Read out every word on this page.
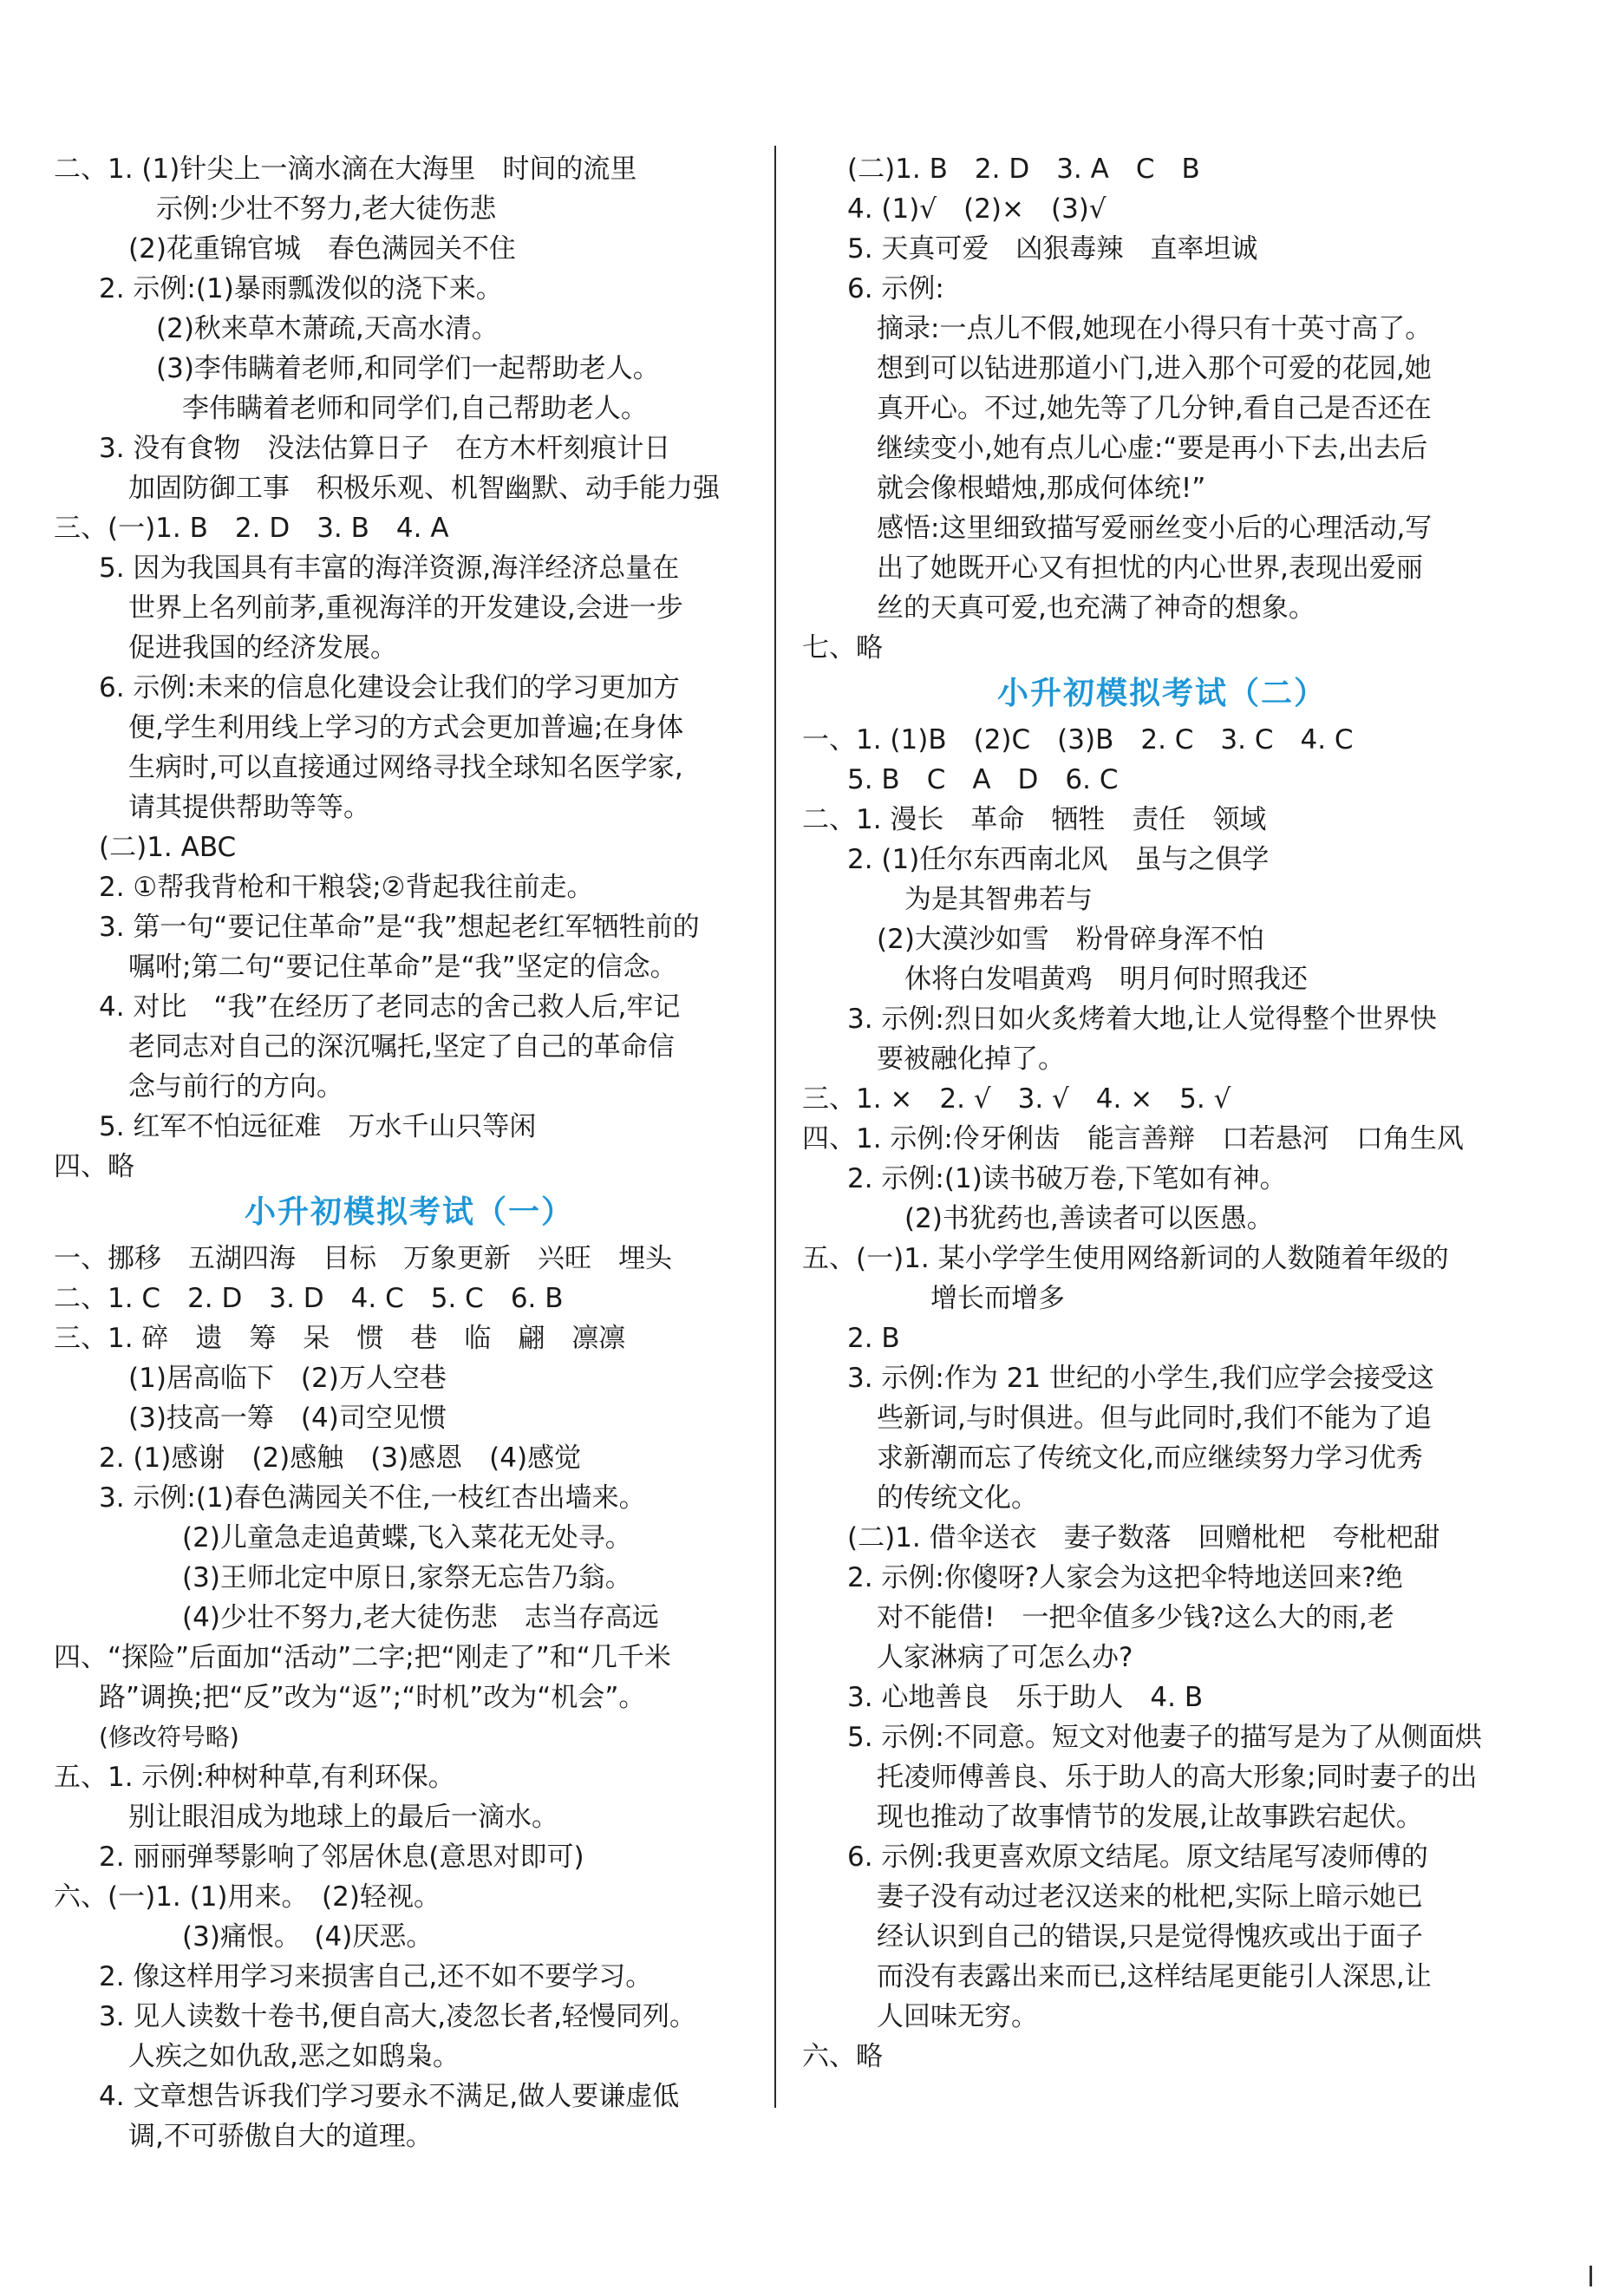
二、1. (1)针尖上一滴水滴在大海里　时间的流里
示例:少壮不努力,老大徒伤悲
(2)花重锦官城　春色满园关不住
2. 示例:(1)暴雨瓢泼似的浇下来。
(2)秋来草木萧疏,天高水清。
(3)李伟瞒着老师,和同学们一起帮助老人。
李伟瞒着老师和同学们,自己帮助老人。
3. 没有食物　没法估算日子　在方木杆刻痕计日
加固防御工事　积极乐观、机智幽默、动手能力强
三、(一)1. B　2. D　3. B　4. A
5. 因为我国具有丰富的海洋资源,海洋经济总量在
世界上名列前茅,重视海洋的开发建设,会进一步
促进我国的经济发展。
6. 示例:未来的信息化建设会让我们的学习更加方
便,学生利用线上学习的方式会更加普遍;在身体
生病时,可以直接通过网络寻找全球知名医学家,
请其提供帮助等等。
(二)1. ABC
2. ①帮我背枪和干粮袋;②背起我往前走。
3. 第一句“要记住革命”是“我”想起老红军牺牲前的
嘱咐;第二句“要记住革命”是“我”坚定的信念。
4. 对比　“我”在经历了老同志的舍己救人后,牢记
老同志对自己的深沉嘱托,坚定了自己的革命信
念与前行的方向。
5. 红军不怕远征难　万水千山只等闲
四、略
小升初模拟考试（一）
一、挪移　五湖四海　目标　万象更新　兴旺　埋头
二、1. C　2. D　3. D　4. C　5. C　6. B
三、1. 碎　遗　筹　呆　惯　巷　临　翩　凛凛
(1)居高临下　(2)万人空巷
(3)技高一筹　(4)司空见惯
2. (1)感谢　(2)感触　(3)感恩　(4)感觉
3. 示例:(1)春色满园关不住,一枝红杏出墙来。
(2)儿童急走追黄蝶,飞入菜花无处寻。
(3)王师北定中原日,家祭无忘告乃翁。
(4)少壮不努力,老大徒伤悲　志当存高远
四、“探险”后面加“活动”二字;把“刚走了”和“几千米
路”调换;把“反”改为“返”;“时机”改为“机会”。
(修改符号略)
五、1. 示例:种树种草,有利环保。
别让眼泪成为地球上的最后一滴水。
2. 丽丽弹琴影响了邻居休息(意思对即可)
六、(一)1. (1)用来。　(2)轻视。
(3)痛恨。　(4)厌恶。
2. 像这样用学习来损害自己,还不如不要学习。
3. 见人读数十卷书,便自高大,凌忽长者,轻慢同列。
人疾之如仇敌,恶之如鸱枭。
4. 文章想告诉我们学习要永不满足,做人要谦虚低
调,不可骄傲自大的道理。
(二)1. B　2. D　3. A　C　B
4. (1)√　(2)×　(3)√
5. 天真可爱　凶狠毒辣　直率坦诚
6. 示例:
摘录:一点儿不假,她现在小得只有十英寸高了。
想到可以钻进那道小门,进入那个可爱的花园,她
真开心。不过,她先等了几分钟,看自己是否还在
继续变小,她有点儿心虚:“要是再小下去,出去后
就会像根蜡烛,那成何体统!”
感悟:这里细致描写爱丽丝变小后的心理活动,写
出了她既开心又有担忧的内心世界,表现出爱丽
丝的天真可爱,也充满了神奇的想象。
七、略
小升初模拟考试（二）
一、1. (1)B　(2)C　(3)B　2. C　3. C　4. C
5. B　C　A　D　6. C
二、1. 漫长　革命　牺牲　责任　领域
2. (1)任尔东西南北风　虽与之俱学
为是其智弗若与
(2)大漠沙如雪　粉骨碎身浑不怕
休将白发唱黄鸡　明月何时照我还
3. 示例:烈日如火炙烤着大地,让人觉得整个世界快
要被融化掉了。
三、1. ×　2. √　3. √　4. ×　5. √
四、1. 示例:伶牙俐齿　能言善辩　口若悬河　口角生风
2. 示例:(1)读书破万卷,下笔如有神。
(2)书犹药也,善读者可以医愚。
五、(一)1. 某小学学生使用网络新词的人数随着年级的
增长而增多
2. B
3. 示例:作为 21 世纪的小学生,我们应学会接受这
些新词,与时俱进。但与此同时,我们不能为了追
求新潮而忘了传统文化,而应继续努力学习优秀
的传统文化。
(二)1. 借伞送衣　妻子数落　回赠枇杷　夸枇杷甜
2. 示例:你傻呀?人家会为这把伞特地送回来?绝
对不能借!　一把伞值多少钱?这么大的雨,老
人家淋病了可怎么办?
3. 心地善良　乐于助人　4. B
5. 示例:不同意。短文对他妻子的描写是为了从侧面烘
托凌师傅善良、乐于助人的高大形象;同时妻子的出
现也推动了故事情节的发展,让故事跌宕起伏。
6. 示例:我更喜欢原文结尾。原文结尾写凌师傅的
妻子没有动过老汉送来的枇杷,实际上暗示她已
经认识到自己的错误,只是觉得愧疚或出于面子
而没有表露出来而已,这样结尾更能引人深思,让
人回味无穷。
六、略
